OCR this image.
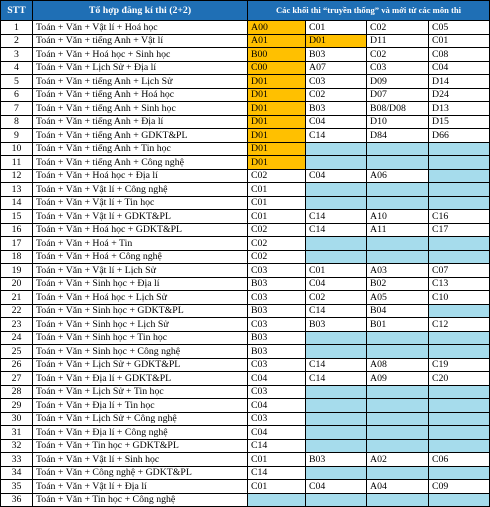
STT	Tổ hợp đăng kí thi (2+2)	Các khối thi “truyền thống” và mới từ các môn thi			
1	Toán + Văn + Vật lí + Hoá học	A00	C01	C02	C05
2	Toán + Văn + tiếng Anh + Vật lí	A01	D01	D11	C01
3	Toán + Văn + Hoá học + Sinh học	B00	B03	C02	C08
4	Toán + Văn + Lịch Sử + Địa lí	C00	A07	C03	C04
5	Toán + Văn + tiếng Anh + Lịch Sử	D01	C03	D09	D14
6	Toán + Văn + tiếng Anh + Hoá học	D01	C02	D07	D24
7	Toán + Văn + tiếng Anh + Sinh học	D01	B03	B08/D08	D13
8	Toán + Văn + tiếng Anh + Địa lí	D01	C04	D10	D15
9	Toán + Văn + tiếng Anh + GDKT&PL	D01	C14	D84	D66
10	Toán + Văn + tiếng Anh + Tin học	D01			
11	Toán + Văn + tiếng Anh + Công nghệ	D01			
12	Toán + Văn + Hoá học + Địa lí	C02	C04	A06	
13	Toán + Văn + Vật lí + Công nghệ	C01			
14	Toán + Văn + Vật lí + Tin học	C01			
15	Toán + Văn + Vật lí + GDKT&PL	C01	C14	A10	C16
16	Toán + Văn + Hoá học + GDKT&PL	C02	C14	A11	C17
17	Toán + Văn + Hoá + Tin	C02			
18	Toán + Văn + Hoá + Công nghệ	C02			
19	Toán + Văn + Vật lí + Lịch Sử	C03	C01	A03	C07
20	Toán + Văn + Sinh học + Địa lí	B03	C04	B02	C13
21	Toán + Văn + Hoá học + Lịch Sử	C03	C02	A05	C10
22	Toán + Văn + Sinh học + GDKT&PL	B03	C14	B04	
23	Toán + Văn + Sinh học + Lịch Sử	C03	B03	B01	C12
24	Toán + Văn + Sinh học + Tin học	B03			
25	Toán + Văn + Sinh học + Công nghệ	B03			
26	Toán + Văn + Lịch Sử + GDKT&PL	C03	C14	A08	C19
27	Toán + Văn + Địa lí + GDKT&PL	C04	C14	A09	C20
28	Toán + Văn + Lịch Sử + Tin học	C03			
29	Toán + Văn + Địa lí + Tin học	C04			
30	Toán + Văn + Lịch Sử + Công nghệ	C03			
31	Toán + Văn + Địa lí + Công nghệ	C04			
32	Toán + Văn + Tin học + GDKT&PL	C14			
33	Toán + Văn + Vật lí + Sinh học	C01	B03	A02	C06
34	Toán + Văn + Công nghệ + GDKT&PL	C14			
35	Toán + Văn + Vật lí + Địa lí	C01	C04	A04	C09
36	Toán + Văn + Tin học + Công nghệ				
